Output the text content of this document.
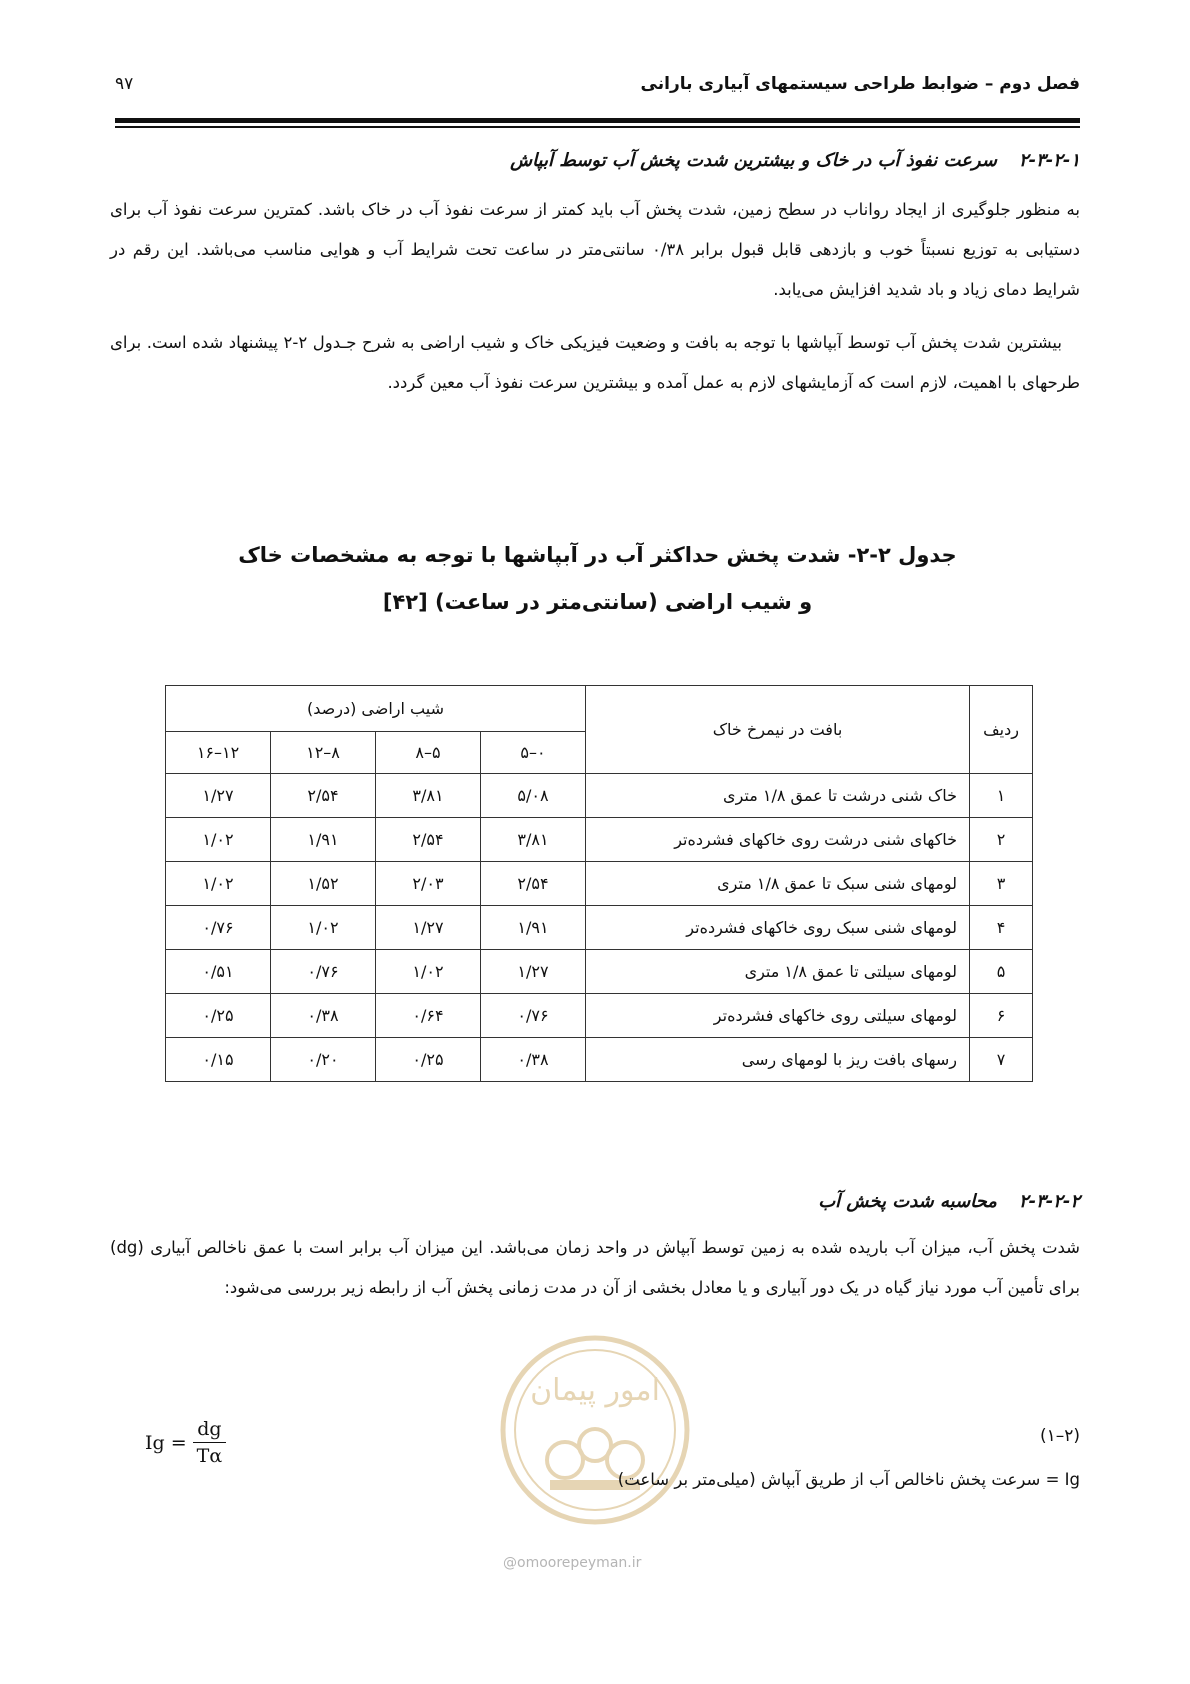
فصل دوم – ضوابط طراحی سیستمهای آبیاری بارانی
۹۷
۲-۳-۲-۱سرعت نفوذ آب در خاک و بیشترین شدت پخش آب توسط آبپاش

به منظور جلوگیری از ایجاد رواناب در سطح زمین، شدت پخش آب باید کمتر از سرعت نفوذ آب در خاک باشد. کمترین سرعت نفوذ آب برای دستیابی به توزیع نسبتاً خوب و بازدهی قابل قبول برابر ۰/۳۸ سانتی‌متر در ساعت تحت شرایط آب و هوایی مناسب می‌باشد. این رقم در شرایط دمای زیاد و باد شدید افزایش می‌یابد.

بیشترین شدت پخش آب توسط آبپاشها با توجه به بافت و وضعیت فیزیکی خاک و شیب اراضی به شرح جـدول ۲-۲ پیشنهاد شده است. برای طرحهای با اهمیت، لازم است که آزمایشهای لازم به عمل آمده و بیشترین سرعت نفوذ آب معین گردد.

جدول ۲-۲- شدت پخش حداکثر آب در آبپاشها با توجه به مشخصات خاک
و شیب اراضی (سانتی‌متر در ساعت) [۴۲]
ردیف	بافت در نیمرخ خاک	شیب اراضی (درصد)			
		۰–۵	۵–۸	۸–۱۲	۱۲–۱۶
۱	خاک شنی درشت تا عمق ۱/۸ متری	۵/۰۸	۳/۸۱	۲/۵۴	۱/۲۷
۲	خاکهای شنی درشت روی خاکهای فشرده‌تر	۳/۸۱	۲/۵۴	۱/۹۱	۱/۰۲
۳	لومهای شنی سبک تا عمق ۱/۸ متری	۲/۵۴	۲/۰۳	۱/۵۲	۱/۰۲
۴	لومهای شنی سبک روی خاکهای فشرده‌تر	۱/۹۱	۱/۲۷	۱/۰۲	۰/۷۶
۵	لومهای سیلتی تا عمق ۱/۸ متری	۱/۲۷	۱/۰۲	۰/۷۶	۰/۵۱
۶	لومهای سیلتی روی خاکهای فشرده‌تر	۰/۷۶	۰/۶۴	۰/۳۸	۰/۲۵
۷	رسهای بافت ریز با لومهای رسی	۰/۳۸	۰/۲۵	۰/۲۰	۰/۱۵
۲-۳-۲-۲محاسبه شدت پخش آب

شدت پخش آب، میزان آب باریده شده به زمین توسط آبپاش در واحد زمان می‌باشد. این میزان آب برابر است با عمق ناخالص آبیاری (dg) برای تأمین آب مورد نیاز گیاه در یک دور آبیاری و یا معادل بخشی از آن در مدت زمانی پخش آب از رابطه زیر بررسی می‌شود:

امور پیمان
(۲–۱)
$Ig = \frac{dg}{T\alpha}$
Ig = سرعت پخش ناخالص آب از طریق آبپاش (میلی‌متر بر ساعت)
@omoorepeyman.ir
